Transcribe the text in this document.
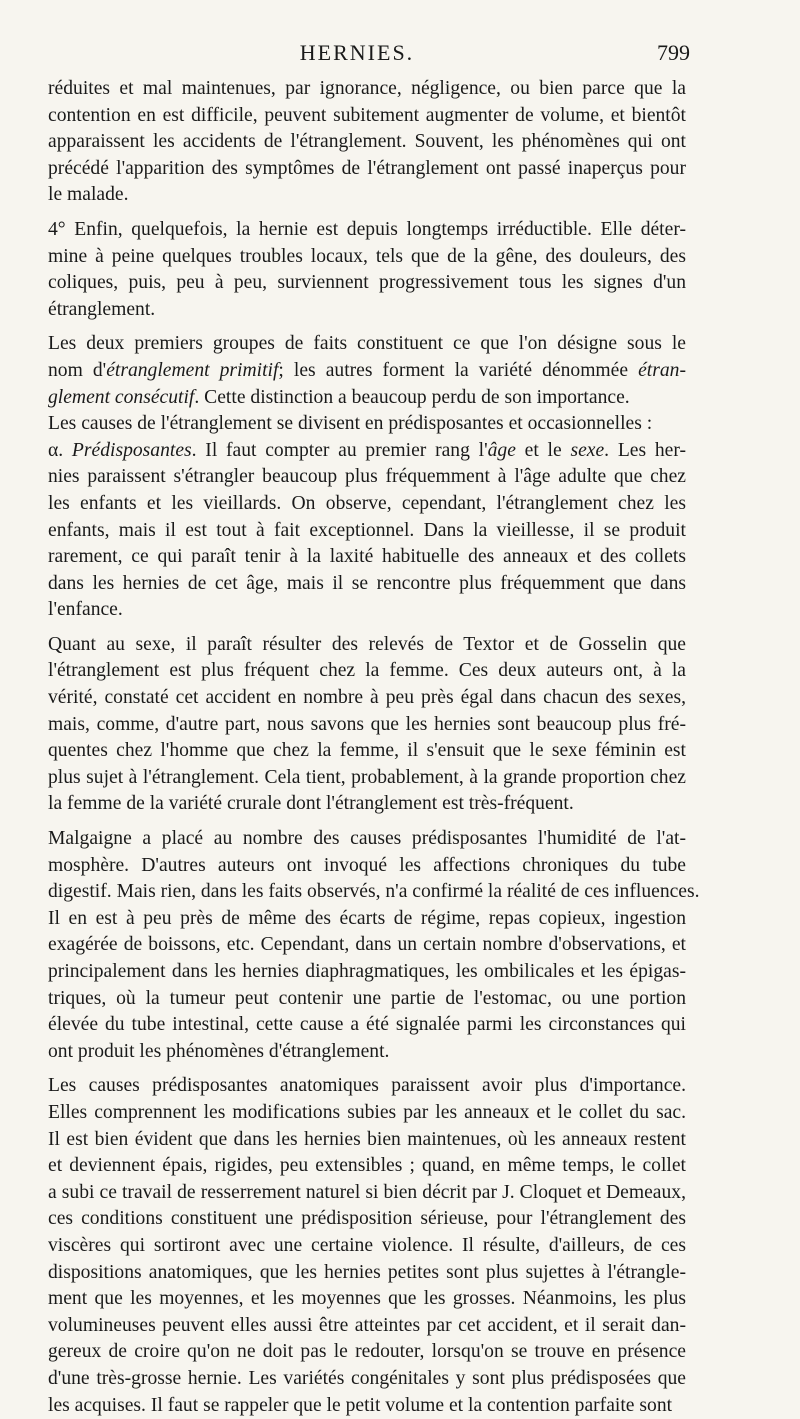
HERNIES.	799

réduites et mal maintenues, par ignorance, négligence, ou bien parce que la
contention en est difficile, peuvent subitement augmenter de volume, et bientôt
apparaissent les accidents de l'étranglement. Souvent, les phénomènes qui ont
précédé l'apparition des symptômes de l'étranglement ont passé inaperçus pour
le malade.

4° Enfin, quelquefois, la hernie est depuis longtemps irréductible. Elle déter-
mine à peine quelques troubles locaux, tels que de la gêne, des douleurs, des
coliques, puis, peu à peu, surviennent progressivement tous les signes d'un
étranglement.

Les deux premiers groupes de faits constituent ce que l'on désigne sous le
nom d'étranglement primitif; les autres forment la variété dénommée étran-
glement consécutif. Cette distinction a beaucoup perdu de son importance.

Les causes de l'étranglement se divisent en prédisposantes et occasionnelles :

α. Prédisposantes. Il faut compter au premier rang l'âge et le sexe. Les her-
nies paraissent s'étrangler beaucoup plus fréquemment à l'âge adulte que chez
les enfants et les vieillards. On observe, cependant, l'étranglement chez les
enfants, mais il est tout à fait exceptionnel. Dans la vieillesse, il se produit
rarement, ce qui paraît tenir à la laxité habituelle des anneaux et des collets
dans les hernies de cet âge, mais il se rencontre plus fréquemment que dans
l'enfance.

Quant au sexe, il paraît résulter des relevés de Textor et de Gosselin que
l'étranglement est plus fréquent chez la femme. Ces deux auteurs ont, à la
vérité, constaté cet accident en nombre à peu près égal dans chacun des sexes,
mais, comme, d'autre part, nous savons que les hernies sont beaucoup plus fré-
quentes chez l'homme que chez la femme, il s'ensuit que le sexe féminin est
plus sujet à l'étranglement. Cela tient, probablement, à la grande proportion chez
la femme de la variété crurale dont l'étranglement est très-fréquent.

Malgaigne a placé au nombre des causes prédisposantes l'humidité de l'at-
mosphère. D'autres auteurs ont invoqué les affections chroniques du tube
digestif. Mais rien, dans les faits observés, n'a confirmé la réalité de ces influences.
Il en est à peu près de même des écarts de régime, repas copieux, ingestion
exagérée de boissons, etc. Cependant, dans un certain nombre d'observations, et
principalement dans les hernies diaphragmatiques, les ombilicales et les épigas-
triques, où la tumeur peut contenir une partie de l'estomac, ou une portion
élevée du tube intestinal, cette cause a été signalée parmi les circonstances qui
ont produit les phénomènes d'étranglement.

Les causes prédisposantes anatomiques paraissent avoir plus d'importance.
Elles comprennent les modifications subies par les anneaux et le collet du sac.
Il est bien évident que dans les hernies bien maintenues, où les anneaux restent
et deviennent épais, rigides, peu extensibles ; quand, en même temps, le collet
a subi ce travail de resserrement naturel si bien décrit par J. Cloquet et Demeaux,
ces conditions constituent une prédisposition sérieuse, pour l'étranglement des
viscères qui sortiront avec une certaine violence. Il résulte, d'ailleurs, de ces
dispositions anatomiques, que les hernies petites sont plus sujettes à l'étrangle-
ment que les moyennes, et les moyennes que les grosses. Néanmoins, les plus
volumineuses peuvent elles aussi être atteintes par cet accident, et il serait dan-
gereux de croire qu'on ne doit pas le redouter, lorsqu'on se trouve en présence
d'une très-grosse hernie. Les variétés congénitales y sont plus prédisposées que
les acquises. Il faut se rappeler que le petit volume et la contention parfaite sont
